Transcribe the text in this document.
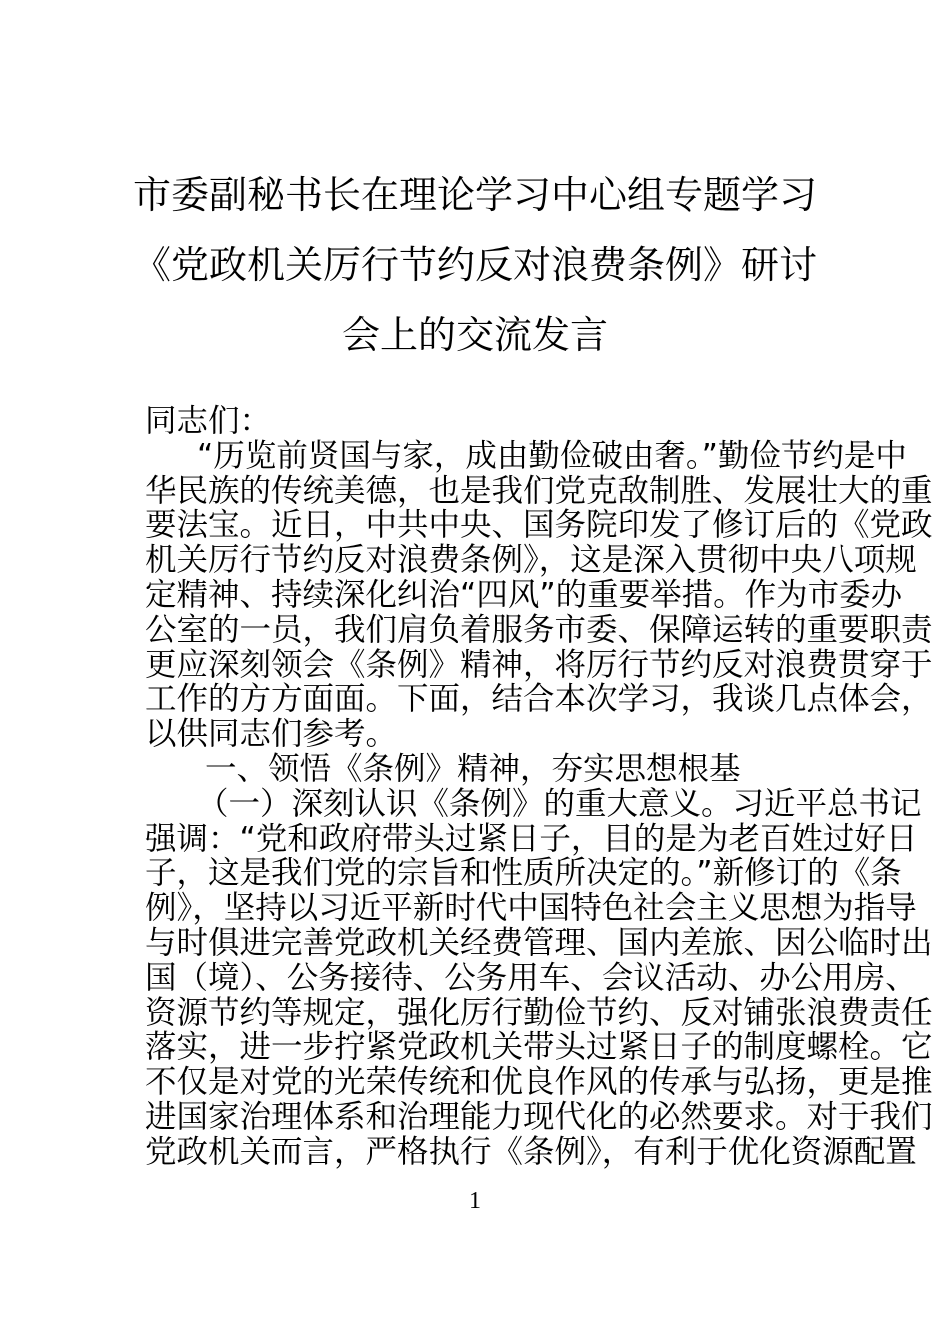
市委副秘书长在理论学习中心组专题学习
《党政机关厉行节约反对浪费条例》研讨
会上的交流发言
同志们：
“历览前贤国与家，成由勤俭破由奢。”勤俭节约是中
华民族的传统美德，也是我们党克敌制胜、发展壮大的重
要法宝。近日，中共中央、国务院印发了修订后的《党政
机关厉行节约反对浪费条例》，这是深入贯彻中央八项规
定精神、持续深化纠治“四风”的重要举措。作为市委办
公室的一员，我们肩负着服务市委、保障运转的重要职责
更应深刻领会《条例》精神，将厉行节约反对浪费贯穿于
工作的方方面面。下面，结合本次学习，我谈几点体会，
以供同志们参考。
一、领悟《条例》精神，夯实思想根基
（一）深刻认识《条例》的重大意义。习近平总书记
强调：“党和政府带头过紧日子，目的是为老百姓过好日
子，这是我们党的宗旨和性质所决定的。”新修订的《条
例》，坚持以习近平新时代中国特色社会主义思想为指导
与时俱进完善党政机关经费管理、国内差旅、因公临时出
国（境）、公务接待、公务用车、会议活动、办公用房、
资源节约等规定，强化厉行勤俭节约、反对铺张浪费责任
落实，进一步拧紧党政机关带头过紧日子的制度螺栓。它
不仅是对党的光荣传统和优良作风的传承与弘扬，更是推
进国家治理体系和治理能力现代化的必然要求。对于我们
党政机关而言，严格执行《条例》，有利于优化资源配置
1
